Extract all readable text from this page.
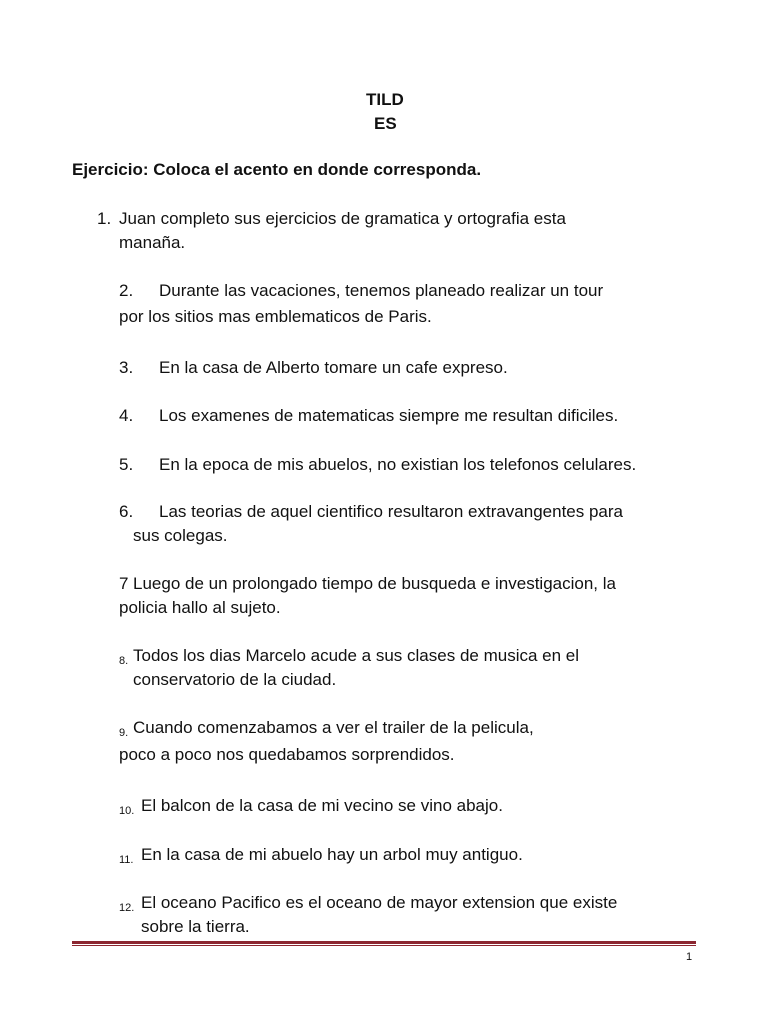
TILD
ES
Ejercicio: Coloca el acento en donde corresponda.
1. Juan completo sus ejercicios de gramatica y ortografia esta
manaña.
2. Durante las vacaciones, tenemos planeado realizar un tour
por los sitios mas emblematicos de Paris.
3. En la casa de Alberto tomare un cafe expreso.
4. Los examenes de matematicas siempre me resultan dificiles.
5. En la epoca de mis abuelos, no existian los telefonos celulares.
6. Las teorias de aquel cientifico resultaron extravangentes para
sus colegas.
7 Luego de un prolongado tiempo de busqueda e investigacion, la
policia hallo al sujeto.
8. Todos los dias Marcelo acude a sus clases de musica en el
conservatorio de la ciudad.
9. Cuando comenzabamos a ver el trailer de la pelicula,
poco a poco nos quedabamos sorprendidos.
10. El balcon de la casa de mi vecino se vino abajo.
11. En la casa de mi abuelo hay un arbol muy antiguo.
12. El oceano Pacifico es el oceano de mayor extension que existe
sobre la tierra.
1
